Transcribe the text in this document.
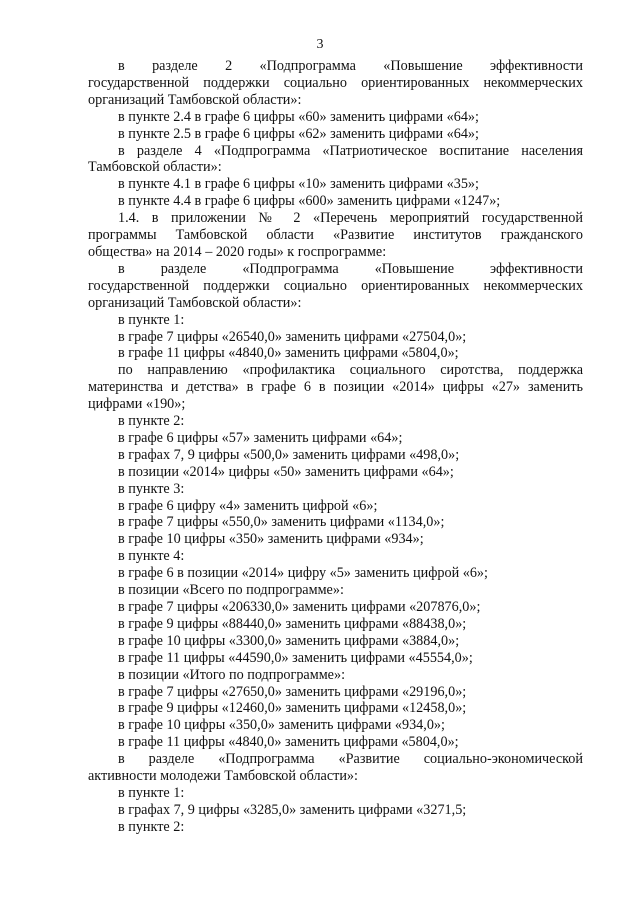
3
в разделе 2 «Подпрограмма «Повышение эффективности
государственной поддержки социально ориентированных некоммерческих
организаций Тамбовской области»:
в пункте 2.4 в графе 6 цифры «60» заменить цифрами «64»;
в пункте 2.5 в графе 6 цифры «62» заменить цифрами «64»;
в разделе 4 «Подпрограмма «Патриотическое воспитание населения
Тамбовской области»:
в пункте 4.1 в графе 6 цифры «10» заменить цифрами «35»;
в пункте 4.4 в графе 6 цифры «600» заменить цифрами «1247»;
1.4. в приложении № 2 «Перечень мероприятий государственной
программы Тамбовской области «Развитие институтов гражданского
общества» на 2014 – 2020 годы» к госпрограмме:
в разделе «Подпрограмма «Повышение эффективности
государственной поддержки социально ориентированных некоммерческих
организаций Тамбовской области»:
в пункте 1:
в графе 7 цифры «26540,0» заменить цифрами «27504,0»;
в графе 11 цифры «4840,0» заменить цифрами «5804,0»;
по направлению «профилактика социального сиротства, поддержка
материнства и детства» в графе 6 в позиции «2014» цифры «27» заменить
цифрами «190»;
в пункте 2:
в графе 6 цифры «57» заменить цифрами «64»;
в графах 7, 9 цифры «500,0» заменить цифрами «498,0»;
в позиции «2014» цифры «50» заменить цифрами «64»;
в пункте 3:
в графе 6 цифру «4» заменить цифрой «6»;
в графе 7 цифры «550,0» заменить цифрами «1134,0»;
в графе 10 цифры «350» заменить цифрами «934»;
в пункте 4:
в графе 6 в позиции «2014» цифру «5» заменить цифрой «6»;
в позиции «Всего по подпрограмме»:
в графе 7 цифры «206330,0» заменить цифрами «207876,0»;
в графе 9 цифры «88440,0» заменить цифрами «88438,0»;
в графе 10 цифры «3300,0» заменить цифрами «3884,0»;
в графе 11 цифры «44590,0» заменить цифрами «45554,0»;
в позиции «Итого по подпрограмме»:
в графе 7 цифры «27650,0» заменить цифрами «29196,0»;
в графе 9 цифры «12460,0» заменить цифрами «12458,0»;
в графе 10 цифры «350,0» заменить цифрами «934,0»;
в графе 11 цифры «4840,0» заменить цифрами «5804,0»;
в разделе «Подпрограмма «Развитие социально-экономической
активности молодежи Тамбовской области»:
в пункте 1:
в графах 7, 9 цифры «3285,0» заменить цифрами «3271,5;
в пункте 2:
